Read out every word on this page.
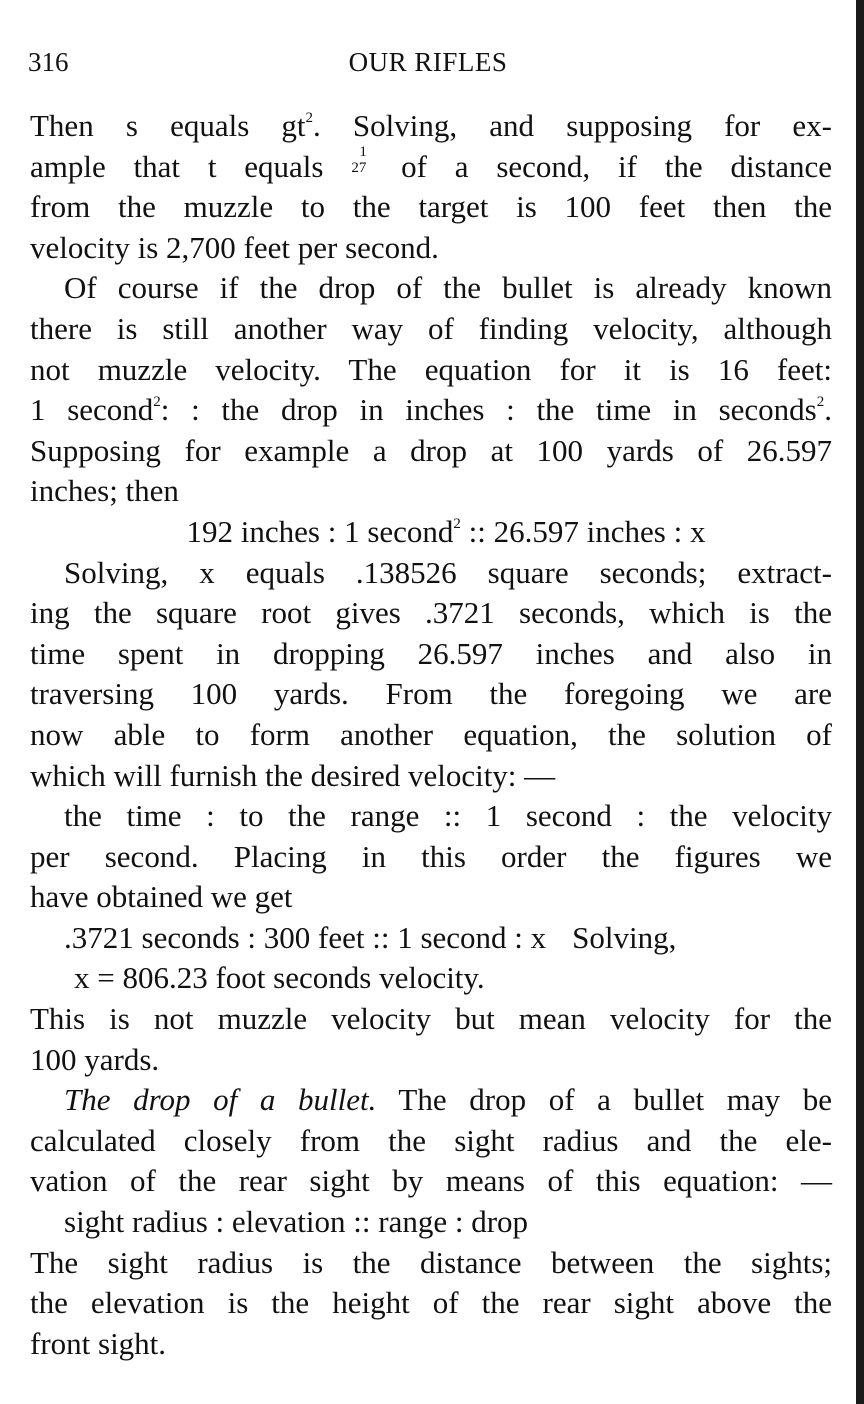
316	OUR RIFLES
Then s equals $gt^2$. Solving, and supposing for ex-
ample that t equals 1
27 of a second, if the distance
from the muzzle to the target is 100 feet then the
velocity is 2,700 feet per second.
Of course if the drop of the bullet is already known
there is still another way of finding velocity, although
not muzzle velocity. The equation for it is 16 feet:
1 second$^2$: : the drop in inches : the time in seconds$^2$.
Supposing for example a drop at 100 yards of 26.597
inches; then
192 inches : 1 second$^2$ :: 26.597 inches : x
Solving, x equals .138526 square seconds; extract-
ing the square root gives .3721 seconds, which is the
time spent in dropping 26.597 inches and also in
traversing 100 yards. From the foregoing we are
now able to form another equation, the solution of
which will furnish the desired velocity: —
the time : to the range :: 1 second : the velocity
per second. Placing in this order the figures we
have obtained we get
.3721 seconds : 300 feet :: 1 second : x Solving,
x = 806.23 foot seconds velocity.
This is not muzzle velocity but mean velocity for the
100 yards.
The drop of a bullet. The drop of a bullet may be
calculated closely from the sight radius and the ele-
vation of the rear sight by means of this equation: —
sight radius : elevation :: range : drop
The sight radius is the distance between the sights;
the elevation is the height of the rear sight above the
front sight.
